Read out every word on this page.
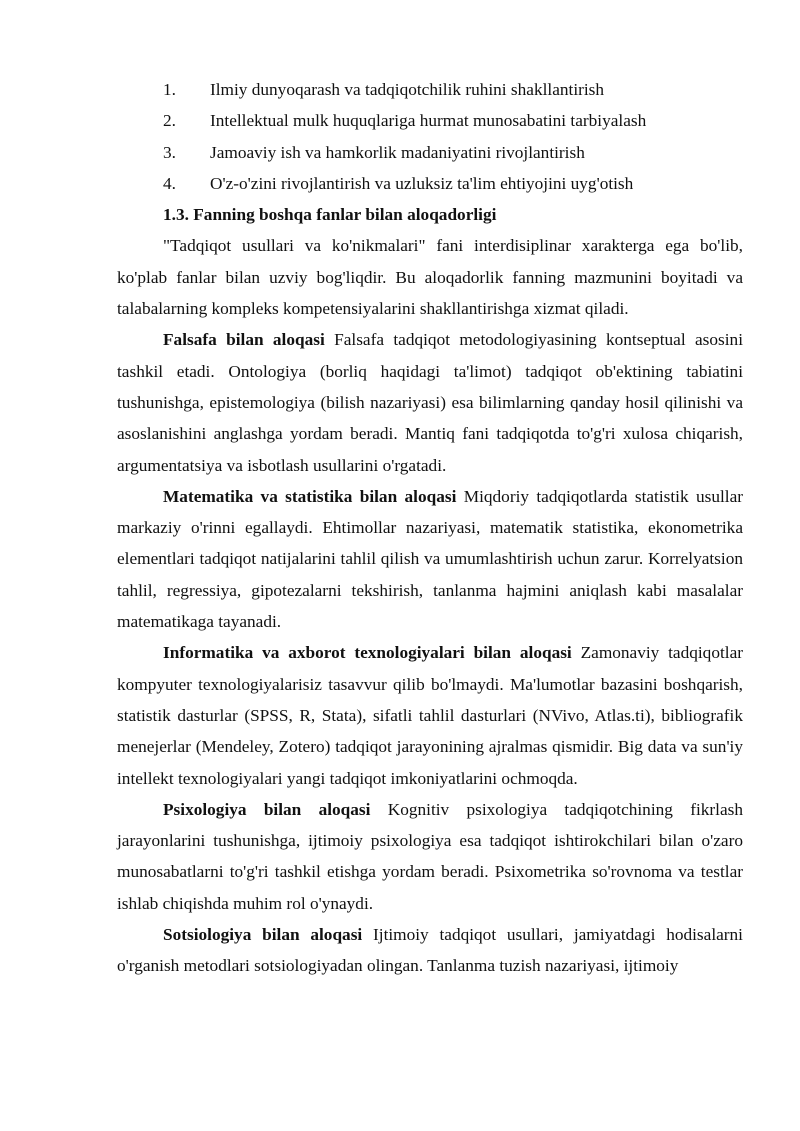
1.	Ilmiy dunyoqarash va tadqiqotchilik ruhini shakllantirish
2.	Intellektual mulk huquqlariga hurmat munosabatini tarbiyalash
3.	Jamoaviy ish va hamkorlik madaniyatini rivojlantirish
4.	O'z-o'zini rivojlantirish va uzluksiz ta'lim ehtiyojini uyg'otish
1.3. Fanning boshqa fanlar bilan aloqadorligi

"Tadqiqot usullari va ko'nikmalari" fani interdisiplinar xarakterga ega bo'lib, ko'plab fanlar bilan uzviy bog'liqdir. Bu aloqadorlik fanning mazmunini boyitadi va talabalarning kompleks kompetensiyalarini shakllantirishga xizmat qiladi.

Falsafa bilan aloqasi Falsafa tadqiqot metodologiyasining kontseptual asosini tashkil etadi. Ontologiya (borliq haqidagi ta'limot) tadqiqot ob'ektining tabiatini tushunishga, epistemologiya (bilish nazariyasi) esa bilimlarning qanday hosil qilinishi va asoslanishini anglashga yordam beradi. Mantiq fani tadqiqotda to'g'ri xulosa chiqarish, argumentatsiya va isbotlash usullarini o'rgatadi.

Matematika va statistika bilan aloqasi Miqdoriy tadqiqotlarda statistik usullar markaziy o'rinni egallaydi. Ehtimollar nazariyasi, matematik statistika, ekonometrika elementlari tadqiqot natijalarini tahlil qilish va umumlashtirish uchun zarur. Korrelyatsion tahlil, regressiya, gipotezalarni tekshirish, tanlanma hajmini aniqlash kabi masalalar matematikaga tayanadi.

Informatika va axborot texnologiyalari bilan aloqasi Zamonaviy tadqiqotlar kompyuter texnologiyalarisiz tasavvur qilib bo'lmaydi. Ma'lumotlar bazasini boshqarish, statistik dasturlar (SPSS, R, Stata), sifatli tahlil dasturlari (NVivo, Atlas.ti), bibliografik menejerlar (Mendeley, Zotero) tadqiqot jarayonining ajralmas qismidir. Big data va sun'iy intellekt texnologiyalari yangi tadqiqot imkoniyatlarini ochmoqda.

Psixologiya bilan aloqasi Kognitiv psixologiya tadqiqotchining fikrlash jarayonlarini tushunishga, ijtimoiy psixologiya esa tadqiqot ishtirokchilari bilan o'zaro munosabatlarni to'g'ri tashkil etishga yordam beradi. Psixometrika so'rovnoma va testlar ishlab chiqishda muhim rol o'ynaydi.

Sotsiologiya bilan aloqasi Ijtimoiy tadqiqot usullari, jamiyatdagi hodisalarni o'rganish metodlari sotsiologiyadan olingan. Tanlanma tuzish nazariyasi, ijtimoiy
